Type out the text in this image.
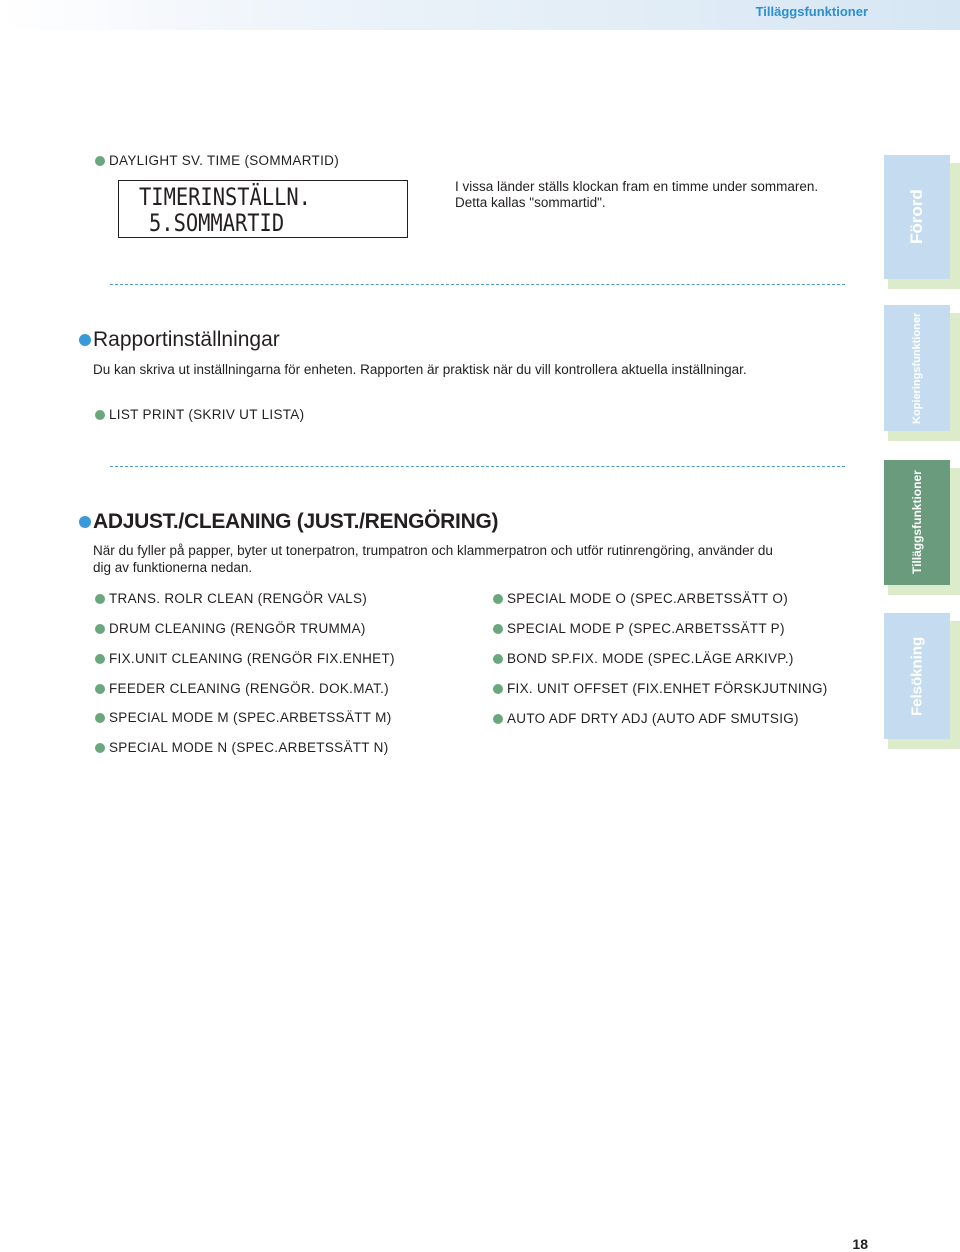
Tilläggsfunktioner
DAYLIGHT SV. TIME (SOMMARTID)
TIMERINSTÄLLN.
5.SOMMARTID
I vissa länder ställs klockan fram en timme under sommaren.
Detta kallas "sommartid".
Rapportinställningar
Du kan skriva ut inställningarna för enheten. Rapporten är praktisk när du vill kontrollera aktuella inställningar.
LIST PRINT (SKRIV UT LISTA)
ADJUST./CLEANING (JUST./RENGÖRING)
När du fyller på papper, byter ut tonerpatron, trumpatron och klammerpatron och utför rutinrengöring, använder du
dig av funktionerna nedan.
TRANS. ROLR CLEAN (RENGÖR VALS)
DRUM CLEANING (RENGÖR TRUMMA)
FIX.UNIT CLEANING (RENGÖR FIX.ENHET)
FEEDER CLEANING (RENGÖR. DOK.MAT.)
SPECIAL MODE M (SPEC.ARBETSSÄTT M)
SPECIAL MODE N (SPEC.ARBETSSÄTT N)
SPECIAL MODE O (SPEC.ARBETSSÄTT O)
SPECIAL MODE P (SPEC.ARBETSSÄTT P)
BOND SP.FIX. MODE (SPEC.LÄGE ARKIVP.)
FIX. UNIT OFFSET (FIX.ENHET FÖRSKJUTNING)
AUTO ADF DRTY ADJ (AUTO ADF SMUTSIG)
Förord
Kopieringsfunktioner
Tilläggsfunktioner
Felsökning
18
